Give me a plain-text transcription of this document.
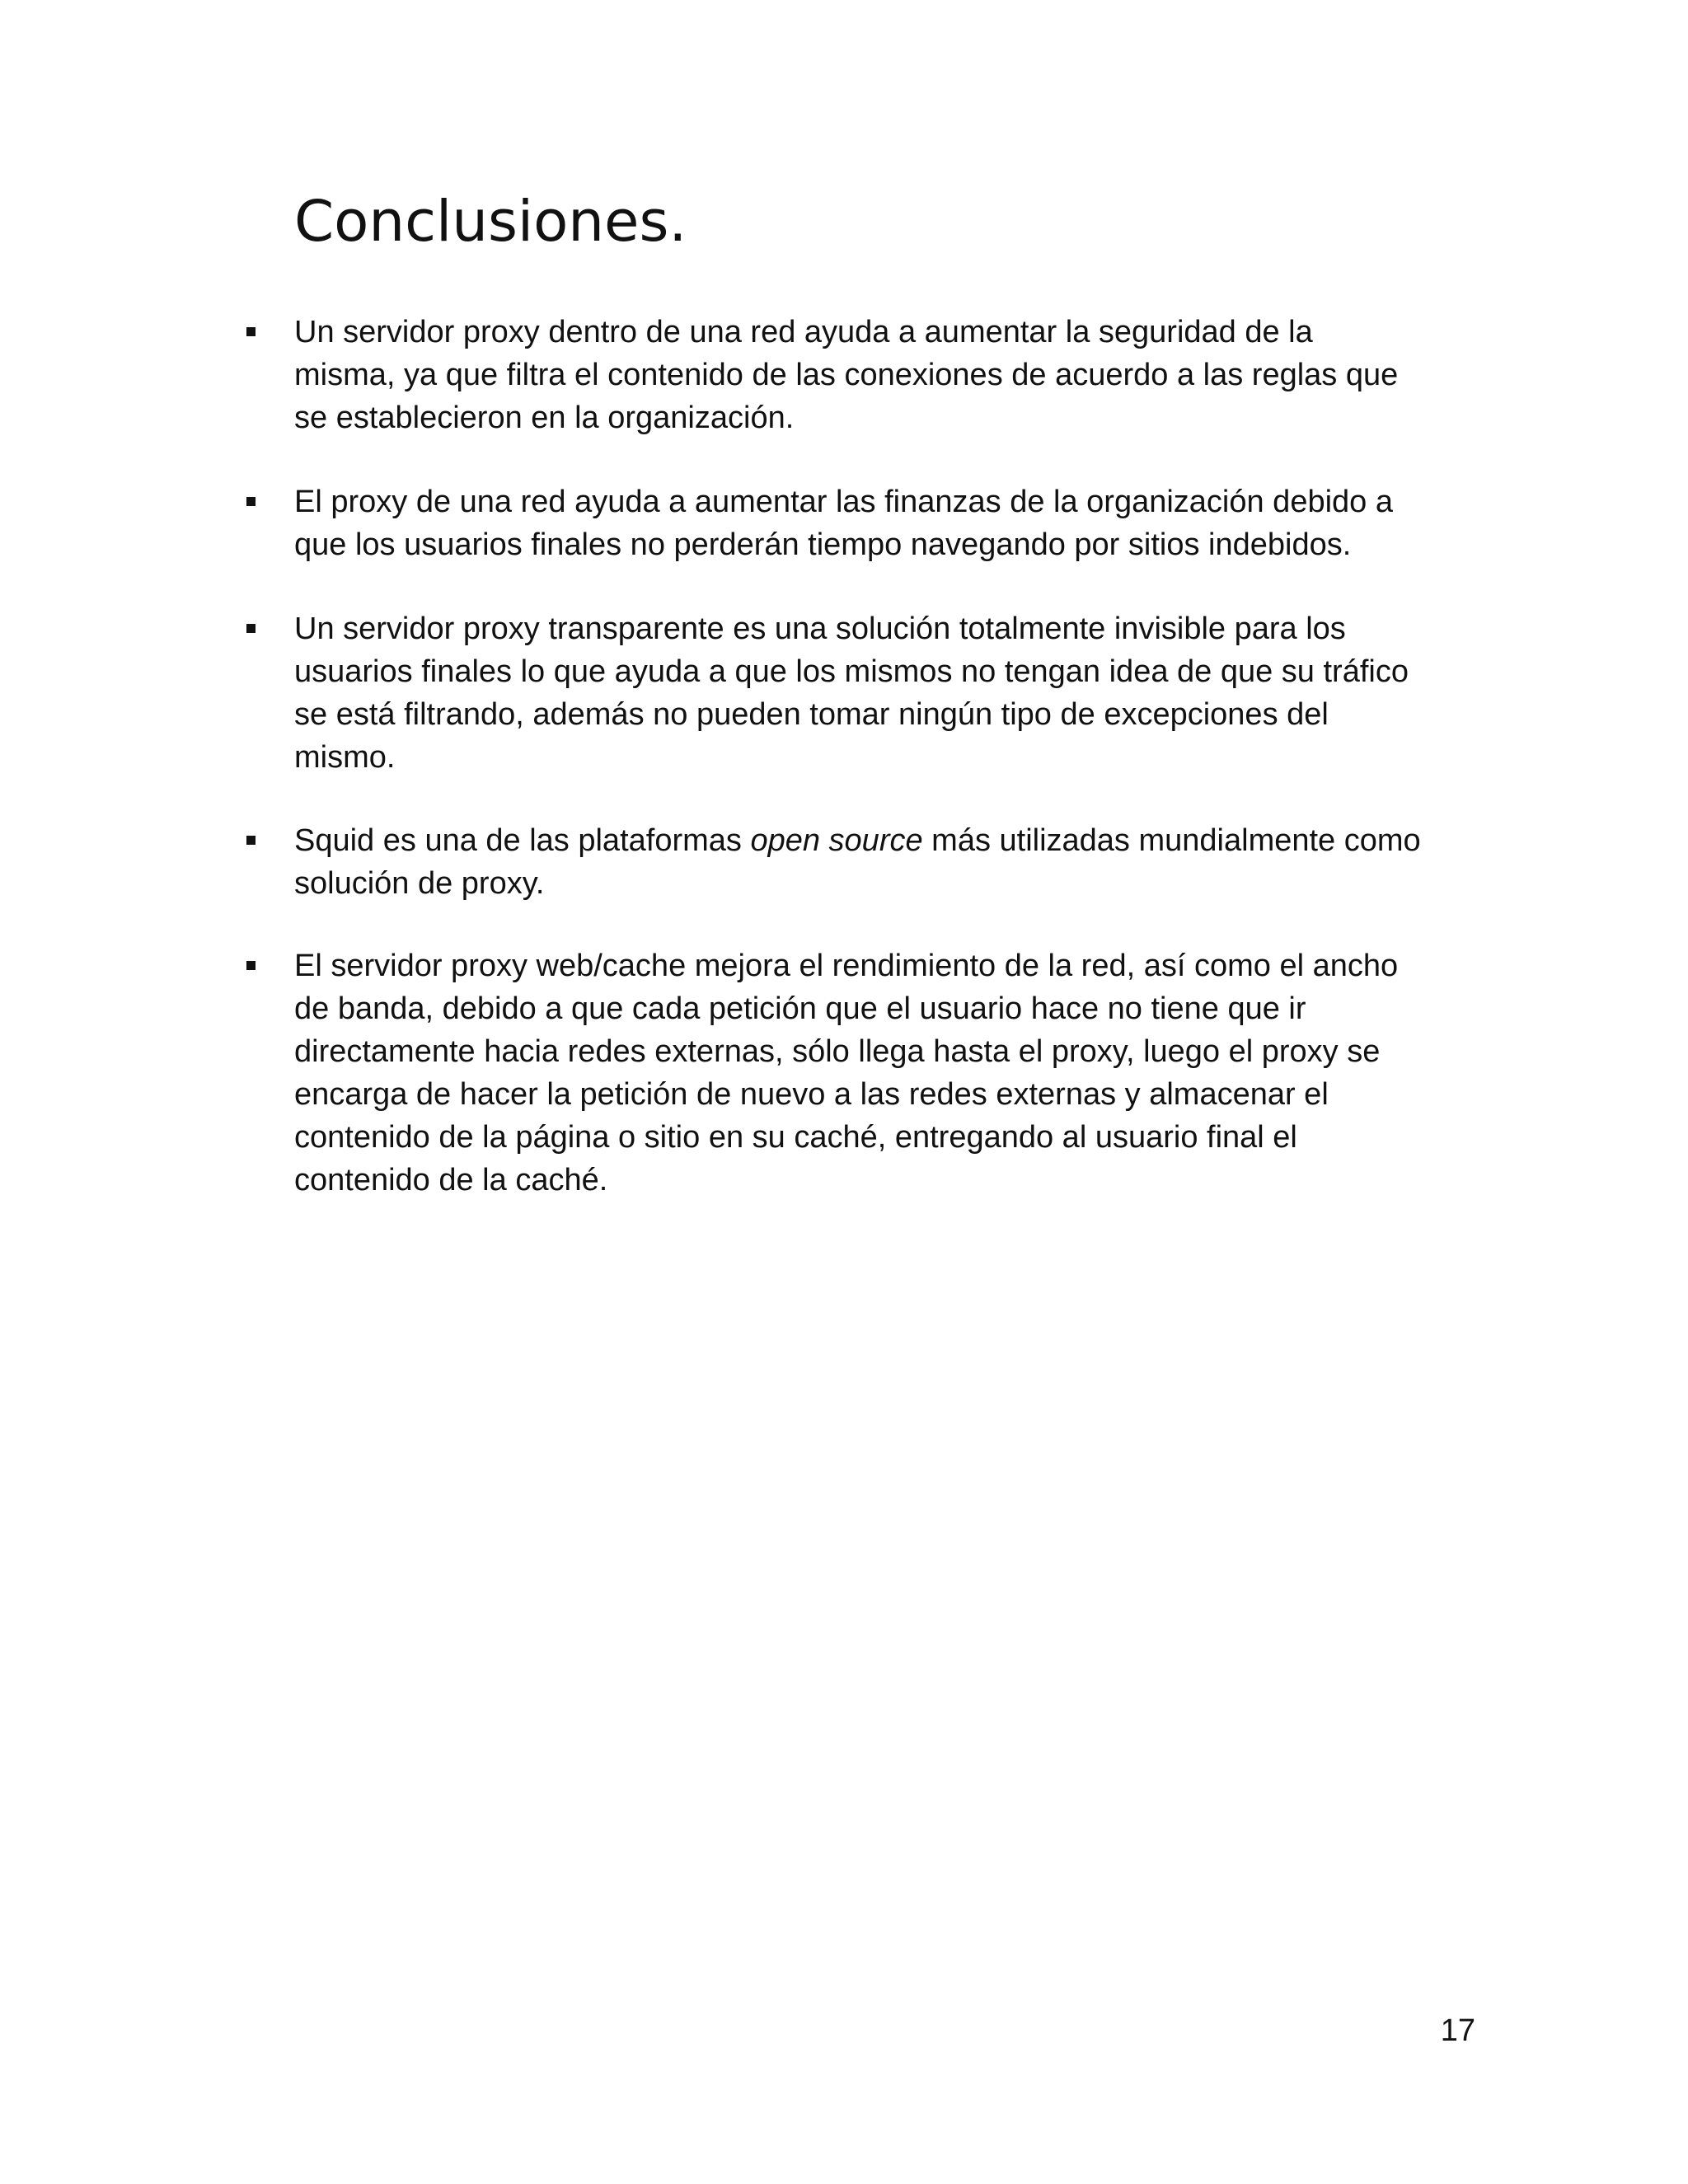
Conclusiones.

Un servidor proxy dentro de una red ayuda a aumentar la seguridad de la
misma, ya que filtra el contenido de las conexiones de acuerdo a las reglas que
se establecieron en la organización.

El proxy de una red ayuda a aumentar las finanzas de la organización debido a
que los usuarios finales no perderán tiempo navegando por sitios indebidos.

Un servidor proxy transparente es una solución totalmente invisible para los
usuarios finales lo que ayuda a que los mismos no tengan idea de que su tráfico
se está filtrando, además no pueden tomar ningún tipo de excepciones del
mismo.

Squid es una de las plataformas open source más utilizadas mundialmente como
solución de proxy.

El servidor proxy web/cache mejora el rendimiento de la red, así como el ancho
de banda, debido a que cada petición que el usuario hace no tiene que ir
directamente hacia redes externas, sólo llega hasta el proxy, luego el proxy se
encarga de hacer la petición de nuevo a las redes externas y almacenar el
contenido de la página o sitio en su caché, entregando al usuario final el
contenido de la caché.

17
